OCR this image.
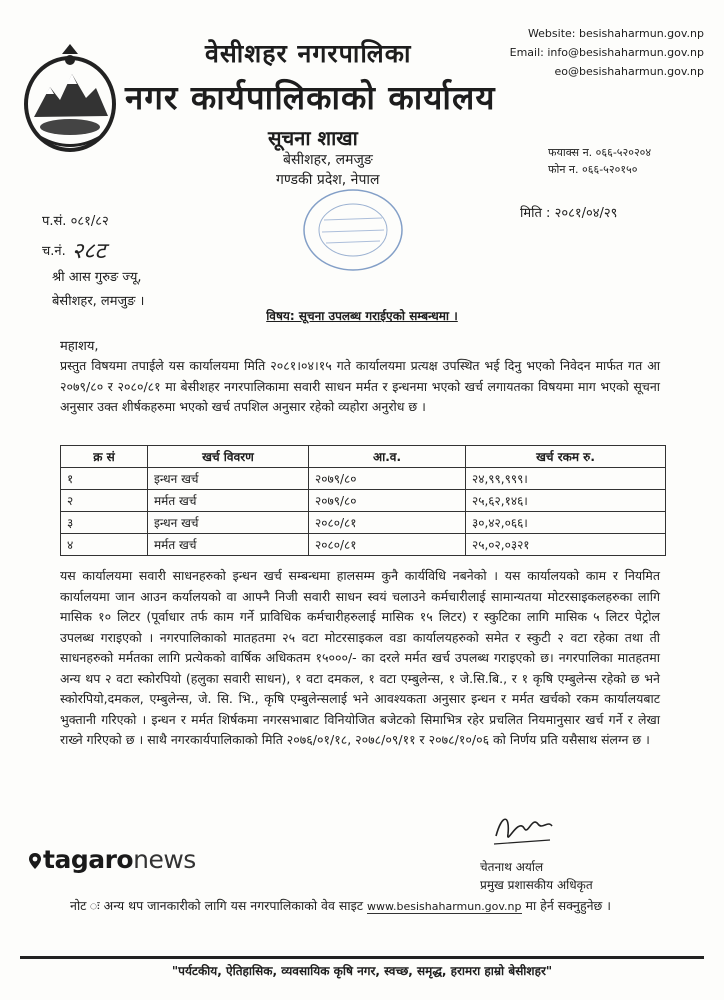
वेसीशहर नगरपालिका
नगर कार्यपालिकाको कार्यालय
सूचना शाखा
बेसीशहर, लमजुङ
गण्डकी प्रदेश, नेपाल
Website: besishaharmun.gov.np
Email: info@besishaharmun.gov.np
eo@besishaharmun.gov.np
फयाक्स न. ०६६-५२०२०४
फोन न. ०६६-५२०१५०
प.सं. ०८१/८२
च.नं. २८ट
मिति : २०८१/०४/२९
श्री आस गुरुङ ज्यू,
बेसीशहर, लमजुङ ।
विषय: सूचना उपलब्ध गराईएको सम्बन्धमा ।
महाशय,
प्रस्तुत विषयमा तपाईले यस कार्यालयमा मिति २०८१।०४।१५ गते कार्यालयमा प्रत्यक्ष उपस्थित भई दिनु भएको निवेदन मार्फत गत आ २०७९/८० र २०८०/८१ मा बेसीशहर नगरपालिकामा सवारी साधन मर्मत र इन्धनमा भएको खर्च लगायतका विषयमा माग भएको सूचना अनुसार उक्त शीर्षकहरुमा भएको खर्च तपशिल अनुसार रहेको व्यहोरा अनुरोध छ ।
क्र सं	खर्च विवरण	आ.व.	खर्च रकम रु.
१	इन्धन खर्च	२०७९/८०	२४,९९,९९९।
२	मर्मत खर्च	२०७९/८०	२५,६२,१४६।
३	इन्धन खर्च	२०८०/८१	३०,४२,०६६।
४	मर्मत खर्च	२०८०/८१	२५,०२,०३२१
यस कार्यालयमा सवारी साधनहरुको इन्धन खर्च सम्बन्धमा हालसम्म कुनै कार्यविधि नबनेको । यस कार्यालयको काम र नियमित कार्यालयमा जान आउन कर्यालयको वा आफ्नै निजी सवारी साधन स्वयं चलाउने कर्मचारीलाई सामान्यतया मोटरसाइकलहरुका लागि मासिक १० लिटर (पूर्वाधार तर्फ काम गर्ने प्राविधिक कर्मचारीहरुलाई मासिक १५ लिटर) र स्कुटिका लागि मासिक ५ लिटर पेट्रोल उपलब्ध गराइएको । नगरपालिकाको मातहतमा २५ वटा मोटरसाइकल वडा कार्यालयहरुको समेत र स्कुटी २ वटा रहेका तथा ती साधनहरुको मर्मतका लागि प्रत्येकको वार्षिक अधिकतम १५०००/- का दरले मर्मत खर्च उपलब्ध गराइएको छ। नगरपालिका मातहतमा अन्य थप २ वटा स्कोरपियो (हलुका सवारी साधन), १ वटा दमकल, १ वटा एम्बुलेन्स, १ जे.सि.बि., र १ कृषि एम्बुलेन्स रहेको छ भने स्कोरपियो,दमकल, एम्बुलेन्स, जे. सि. भि., कृषि एम्बुलेन्सलाई भने आवश्यकता अनुसार इन्धन र मर्मत खर्चको रकम कार्यालयबाट भुक्तानी गरिएको । इन्धन र मर्मत शिर्षकमा नगरसभाबाट विनियोजित बजेटको सिमाभित्र रहेर प्रचलित नियमानुसार खर्च गर्ने र लेखा राख्ने गरिएको छ । साथै नगरकार्यपालिकाको मिति २०७६/०१/१८, २०७८/०९/११ र २०७८/१०/०६ को निर्णय प्रति यसैसाथ संलग्न छ ।
चेतनाथ अर्याल
प्रमुख प्रशासकीय अधिकृत
tagaronews
नोट ः अन्य थप जानकारीको लागि यस नगरपालिकाको वेव साइट www.besishaharmun.gov.np मा हेर्न सक्नुहुनेछ ।
"पर्यटकीय, ऐतिहासिक, व्यवसायिक कृषि नगर, स्वच्छ, समृद्ध, हरामरा हाम्रो बेसीशहर"
